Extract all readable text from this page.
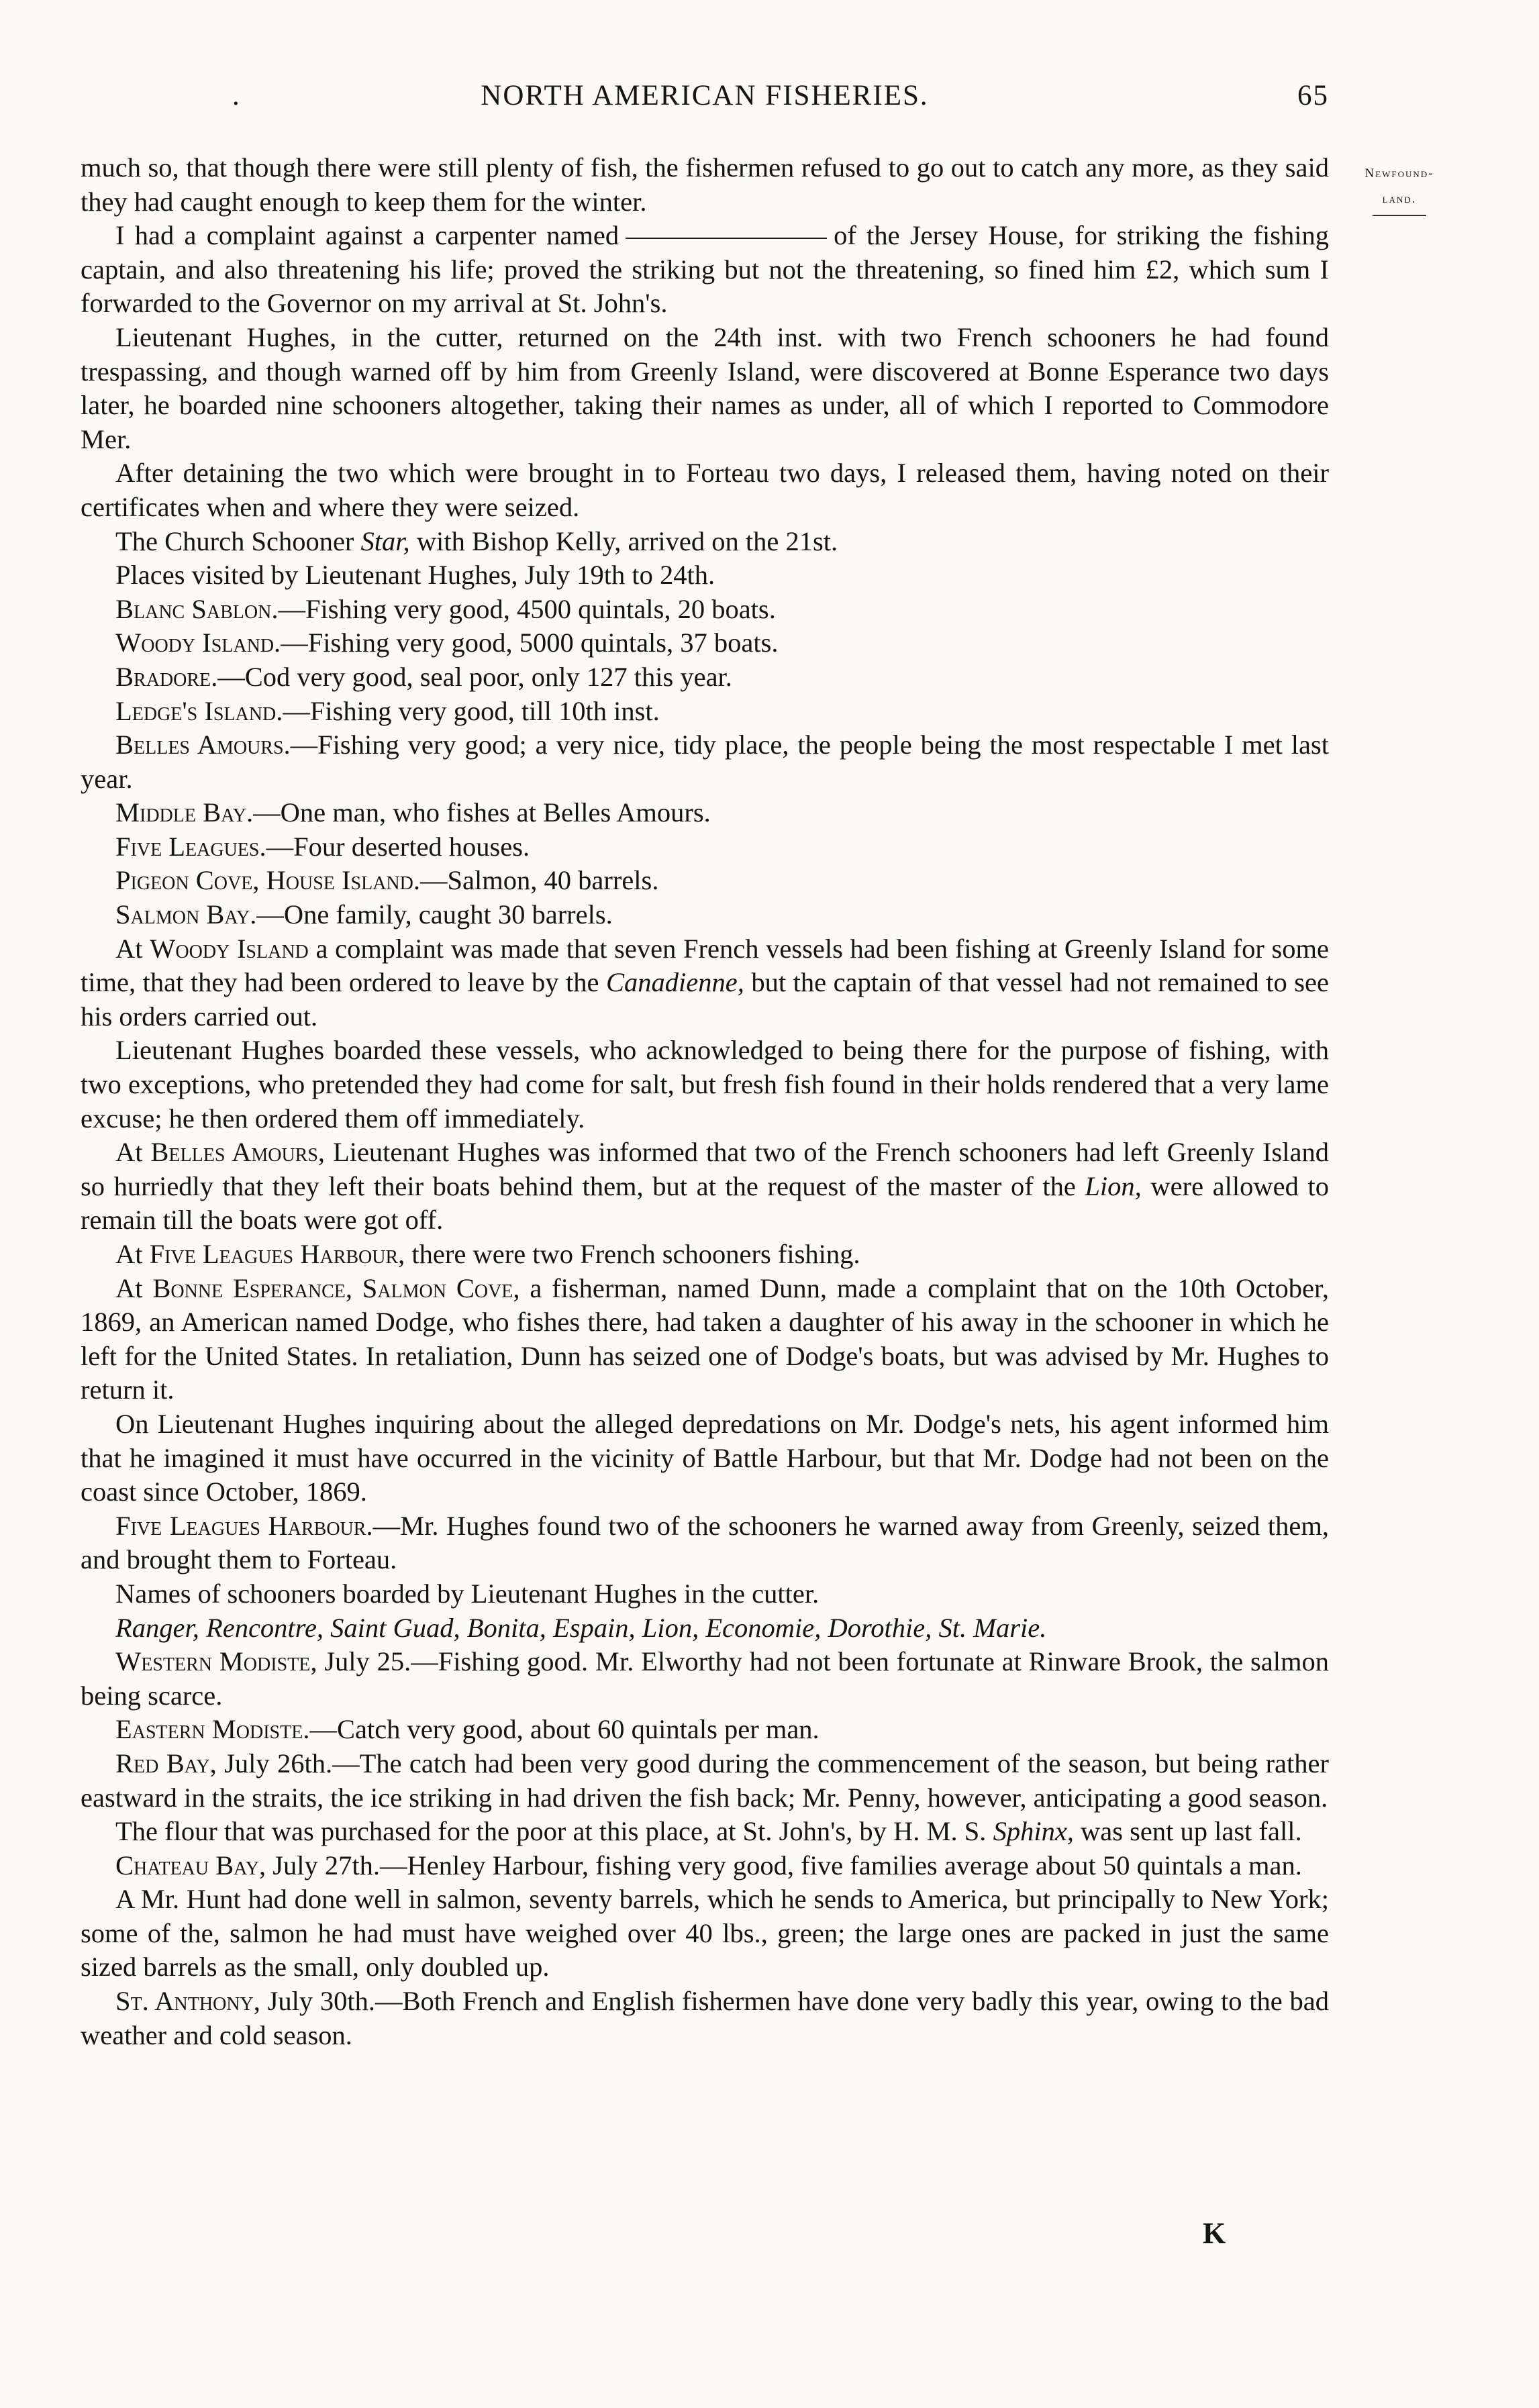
.	NORTH AMERICAN FISHERIES.	65

much so, that though there were still plenty of fish, the fishermen refused to go out to catch any more, as they said they had caught enough to keep them for the winter.

I had a complaint against a carpenter named	of the Jersey House, for striking the fishing captain, and also threatening his life; proved the striking but not the threatening, so fined him £2, which sum I forwarded to the Governor on my arrival at St. John's.

Lieutenant Hughes, in the cutter, returned on the 24th inst. with two French schooners he had found trespassing, and though warned off by him from Greenly Island, were discovered at Bonne Esperance two days later, he boarded nine schooners altogether, taking their names as under, all of which I reported to Commodore Mer.

After detaining the two which were brought in to Forteau two days, I released them, having noted on their certificates when and where they were seized.

The Church Schooner Star, with Bishop Kelly, arrived on the 21st.

Places visited by Lieutenant Hughes, July 19th to 24th.

Blanc Sablon.—Fishing very good, 4500 quintals, 20 boats.

Woody Island.—Fishing very good, 5000 quintals, 37 boats.

Bradore.—Cod very good, seal poor, only 127 this year.

Ledge's Island.—Fishing very good, till 10th inst.

Belles Amours.—Fishing very good; a very nice, tidy place, the people being the most respectable I met last year.

Middle Bay.—One man, who fishes at Belles Amours.

Five Leagues.—Four deserted houses.

Pigeon Cove, House Island.—Salmon, 40 barrels.

Salmon Bay.—One family, caught 30 barrels.

At Woody Island a complaint was made that seven French vessels had been fishing at Greenly Island for some time, that they had been ordered to leave by the Canadienne, but the captain of that vessel had not remained to see his orders carried out.

Lieutenant Hughes boarded these vessels, who acknowledged to being there for the purpose of fishing, with two exceptions, who pretended they had come for salt, but fresh fish found in their holds rendered that a very lame excuse; he then ordered them off immediately.

At Belles Amours, Lieutenant Hughes was informed that two of the French schooners had left Greenly Island so hurriedly that they left their boats behind them, but at the request of the master of the Lion, were allowed to remain till the boats were got off.

At Five Leagues Harbour, there were two French schooners fishing.

At Bonne Esperance, Salmon Cove, a fisherman, named Dunn, made a complaint that on the 10th October, 1869, an American named Dodge, who fishes there, had taken a daughter of his away in the schooner in which he left for the United States. In retaliation, Dunn has seized one of Dodge's boats, but was advised by Mr. Hughes to return it.

On Lieutenant Hughes inquiring about the alleged depredations on Mr. Dodge's nets, his agent informed him that he imagined it must have occurred in the vicinity of Battle Harbour, but that Mr. Dodge had not been on the coast since October, 1869.

Five Leagues Harbour.—Mr. Hughes found two of the schooners he warned away from Greenly, seized them, and brought them to Forteau.

Names of schooners boarded by Lieutenant Hughes in the cutter.

Ranger, Rencontre, Saint Guad, Bonita, Espain, Lion, Economie, Dorothie, St. Marie.

Western Modiste, July 25.—Fishing good. Mr. Elworthy had not been fortunate at Rinware Brook, the salmon being scarce.

Eastern Modiste.—Catch very good, about 60 quintals per man.

Red Bay, July 26th.—The catch had been very good during the commencement of the season, but being rather eastward in the straits, the ice striking in had driven the fish back; Mr. Penny, however, anticipating a good season.

The flour that was purchased for the poor at this place, at St. John's, by H. M. S. Sphinx, was sent up last fall.

Chateau Bay, July 27th.—Henley Harbour, fishing very good, five families average about 50 quintals a man.

A Mr. Hunt had done well in salmon, seventy barrels, which he sends to America, but principally to New York; some of the, salmon he had must have weighed over 40 lbs., green; the large ones are packed in just the same sized barrels as the small, only doubled up.

St. Anthony, July 30th.—Both French and English fishermen have done very badly this year, owing to the bad weather and cold season.

Newfound-
land.
K
